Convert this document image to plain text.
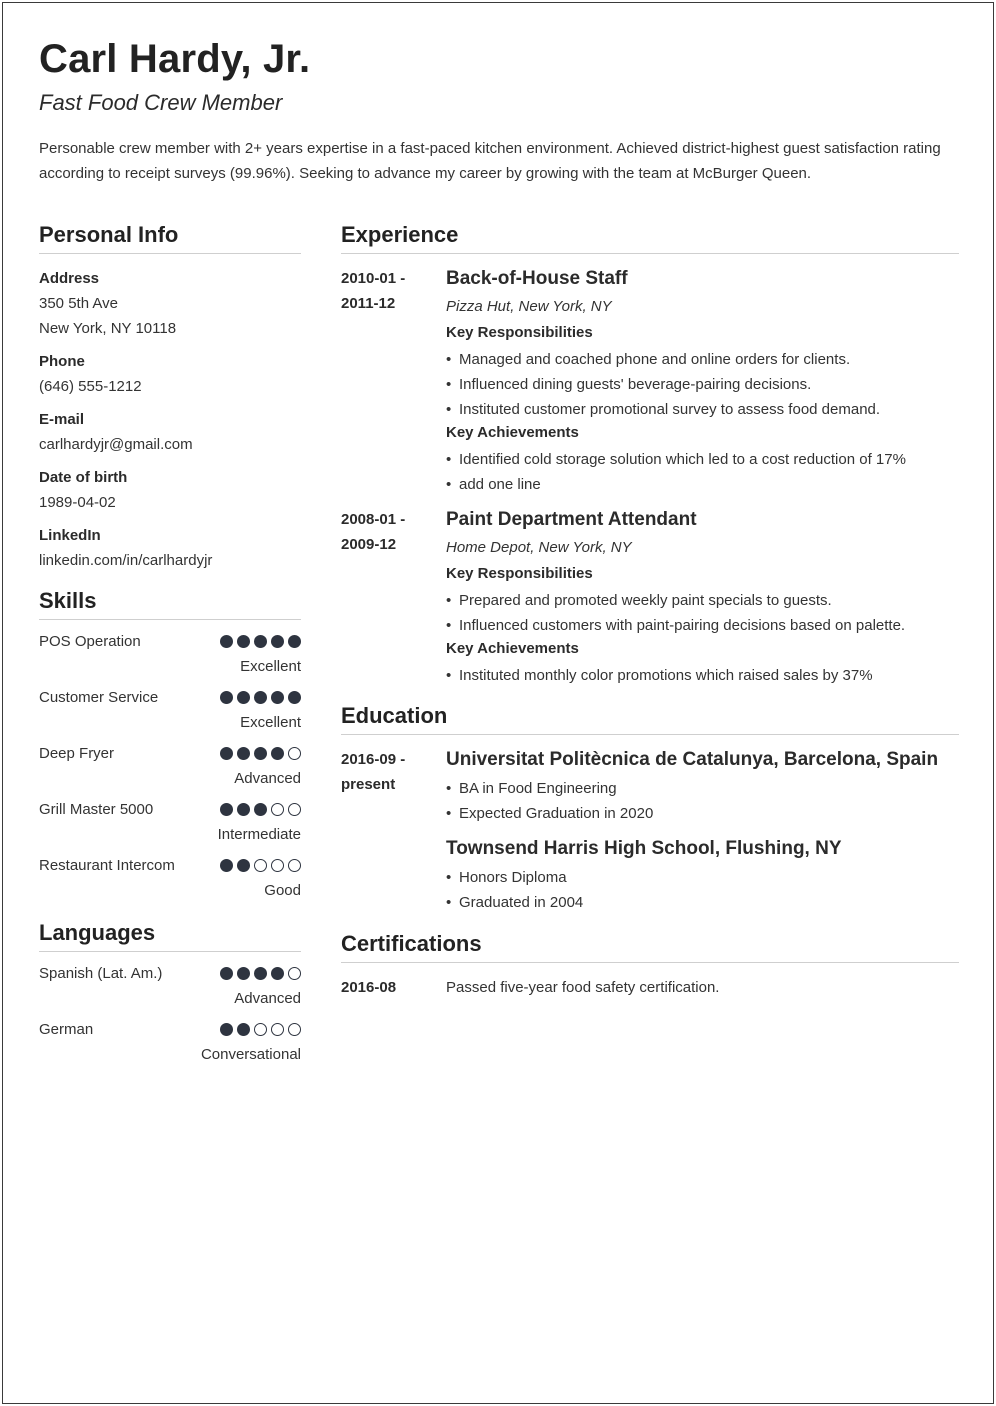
Carl Hardy, Jr.
Fast Food Crew Member
Personable crew member with 2+ years expertise in a fast-paced kitchen environment. Achieved district-highest guest satisfaction rating according to receipt surveys (99.96%). Seeking to advance my career by growing with the team at McBurger Queen.
Personal Info
Address
350 5th Ave
New York, NY 10118
Phone
(646) 555-1212
E-mail
carlhardyjr@gmail.com
Date of birth
1989-04-02
LinkedIn
linkedin.com/in/carlhardyjr
Skills
POS Operation
Excellent
Customer Service
Excellent
Deep Fryer
Advanced
Grill Master 5000
Intermediate
Restaurant Intercom
Good
Languages
Spanish (Lat. Am.)
Advanced
German
Conversational
Experience
2010-01 - 2011-12
Back-of-House Staff
Pizza Hut, New York, NY
Key Responsibilities
• Managed and coached phone and online orders for clients.
• Influenced dining guests' beverage-pairing decisions.
• Instituted customer promotional survey to assess food demand.
Key Achievements
• Identified cold storage solution which led to a cost reduction of 17%
• add one line
2008-01 - 2009-12
Paint Department Attendant
Home Depot, New York, NY
Key Responsibilities
• Prepared and promoted weekly paint specials to guests.
• Influenced customers with paint-pairing decisions based on palette.
Key Achievements
• Instituted monthly color promotions which raised sales by 37%
Education
2016-09 - present
Universitat Politècnica de Catalunya, Barcelona, Spain
• BA in Food Engineering
• Expected Graduation in 2020
Townsend Harris High School, Flushing, NY
• Honors Diploma
• Graduated in 2004
Certifications
2016-08	Passed five-year food safety certification.
